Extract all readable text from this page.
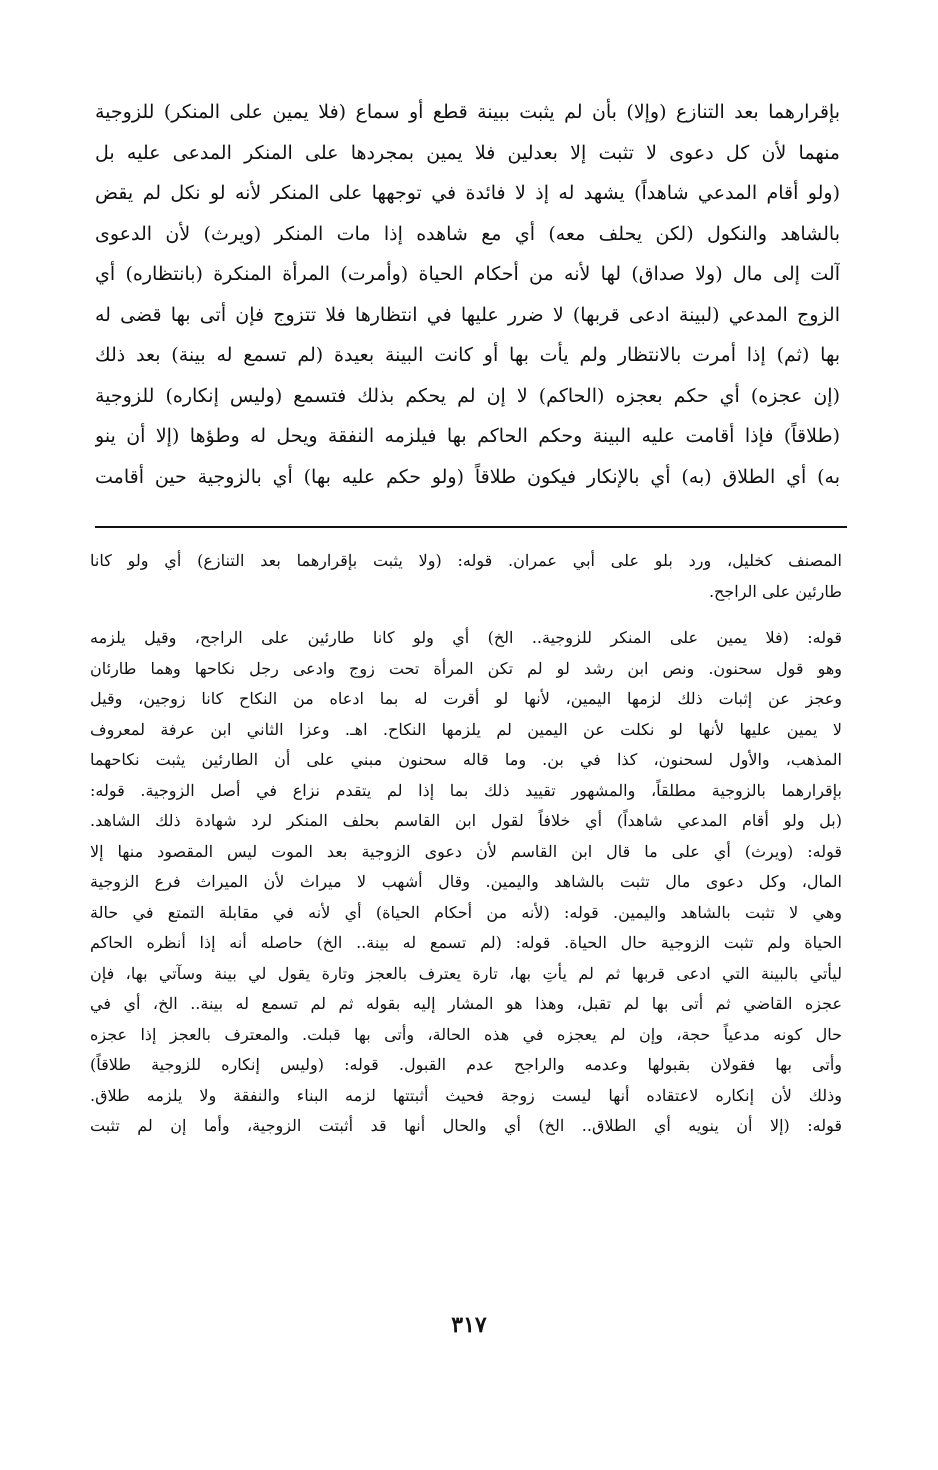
بإقرارهما بعد التنازع (وإلا) بأن لم يثبت ببينة قطع أو سماع (فلا يمين على المنكر) للزوجية
منهما لأن كل دعوى لا تثبت إلا بعدلين فلا يمين بمجردها على المنكر المدعى عليه بل
(ولو أقام المدعي شاهداً) يشهد له إذ لا فائدة في توجهها على المنكر لأنه لو نكل لم يقض
بالشاهد والنكول (لكن يحلف معه) أي مع شاهده إذا مات المنكر (ويرث) لأن الدعوى
آلت إلى مال (ولا صداق) لها لأنه من أحكام الحياة (وأمرت) المرأة المنكرة (بانتظاره) أي
الزوج المدعي (لبينة ادعى قربها) لا ضرر عليها في انتظارها فلا تتزوج فإن أتى بها قضى له
بها (ثم) إذا أمرت بالانتظار ولم يأت بها أو كانت البينة بعيدة (لم تسمع له بينة) بعد ذلك
(إن عجزه) أي حكم بعجزه (الحاكم) لا إن لم يحكم بذلك فتسمع (وليس إنكاره) للزوجية
(طلاقاً) فإذا أقامت عليه البينة وحكم الحاكم بها فيلزمه النفقة ويحل له وطؤها (إلا أن ينو
به) أي الطلاق (به) أي بالإنكار فيكون طلاقاً (ولو حكم عليه بها) أي بالزوجية حين أقامت
المصنف كخليل، ورد بلو على أبي عمران. قوله: (ولا يثبت بإقرارهما بعد التنازع) أي ولو كانا
طارئين على الراجح.
قوله: (فلا يمين على المنكر للزوجية.. الخ) أي ولو كانا طارئين على الراجح، وقيل يلزمه
وهو قول سحنون. ونص ابن رشد لو لم تكن المرأة تحت زوج وادعى رجل نكاحها وهما طارئان
وعجز عن إثبات ذلك لزمها اليمين، لأنها لو أقرت له بما ادعاه من النكاح كانا زوجين، وقيل
لا يمين عليها لأنها لو نكلت عن اليمين لم يلزمها النكاح. اهـ. وعزا الثاني ابن عرفة لمعروف
المذهب، والأول لسحنون، كذا في بن. وما قاله سحنون مبني على أن الطارئين يثبت نكاحهما
بإقرارهما بالزوجية مطلقاً، والمشهور تقييد ذلك بما إذا لم يتقدم نزاع في أصل الزوجية. قوله:
(بل ولو أقام المدعي شاهداً) أي خلافاً لقول ابن القاسم بحلف المنكر لرد شهادة ذلك الشاهد.
قوله: (ويرث) أي على ما قال ابن القاسم لأن دعوى الزوجية بعد الموت ليس المقصود منها إلا
المال، وكل دعوى مال تثبت بالشاهد واليمين. وقال أشهب لا ميراث لأن الميراث فرع الزوجية
وهي لا تثبت بالشاهد واليمين. قوله: (لأنه من أحكام الحياة) أي لأنه في مقابلة التمتع في حالة
الحياة ولم تثبت الزوجية حال الحياة. قوله: (لم تسمع له بينة.. الخ) حاصله أنه إذا أنظره الحاكم
ليأتي بالبينة التي ادعى قربها ثم لم يأتِ بها، تارة يعترف بالعجز وتارة يقول لي بينة وسآتي بها، فإن
عجزه القاضي ثم أتى بها لم تقبل، وهذا هو المشار إليه بقوله ثم لم تسمع له بينة.. الخ، أي في
حال كونه مدعياً حجة، وإن لم يعجزه في هذه الحالة، وأتى بها قبلت. والمعترف بالعجز إذا عجزه
وأتى بها فقولان بقبولها وعدمه والراجح عدم القبول. قوله: (وليس إنكاره للزوجية طلاقاً)
وذلك لأن إنكاره لاعتقاده أنها ليست زوجة فحيث أثبتتها لزمه البناء والنفقة ولا يلزمه طلاق.
قوله: (إلا أن ينويه أي الطلاق.. الخ) أي والحال أنها قد أثبتت الزوجية، وأما إن لم تثبت
٣١٧
